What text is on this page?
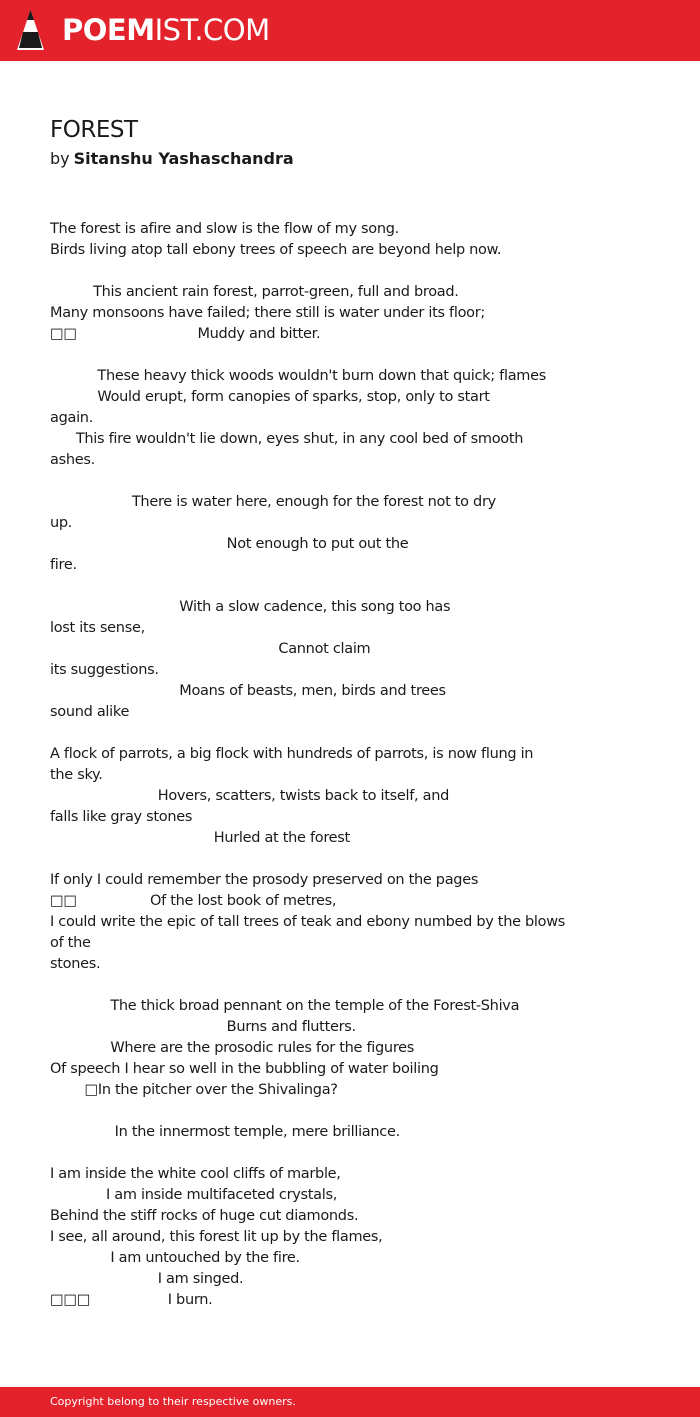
POEMIST.COM
FOREST
by Sitanshu Yashaschandra
The forest is afire and slow is the flow of my song.
Birds living atop tall ebony trees of speech are beyond help now.
This ancient rain forest, parrot-green, full and broad.
Many monsoons have failed; there still is water under its floor;
□□                            Muddy and bitter.
These heavy thick woods wouldn't burn down that quick; flames
Would erupt, form canopies of sparks, stop, only to start
again.
This fire wouldn't lie down, eyes shut, in any cool bed of smooth
ashes.
There is water here, enough for the forest not to dry
up.
Not enough to put out the
fire.
With a slow cadence, this song too has
lost its sense,
Cannot claim
its suggestions.
Moans of beasts, men, birds and trees
sound alike
A flock of parrots, a big flock with hundreds of parrots, is now flung in
the sky.
Hovers, scatters, twists back to itself, and
falls like gray stones
Hurled at the forest
If only I could remember the prosody preserved on the pages
□□                 Of the lost book of metres,
I could write the epic of tall trees of teak and ebony numbed by the blows
of the
stones.
The thick broad pennant on the temple of the Forest-Shiva
Burns and flutters.
Where are the prosodic rules for the figures
Of speech I hear so well in the bubbling of water boiling
□In the pitcher over the Shivalinga?
In the innermost temple, mere brilliance.
I am inside the white cool cliffs of marble,
I am inside multifaceted crystals,
Behind the stiff rocks of huge cut diamonds.
I see, all around, this forest lit up by the flames,
I am untouched by the fire.
I am singed.
□□□                  I burn.
Copyright belong to their respective owners.
